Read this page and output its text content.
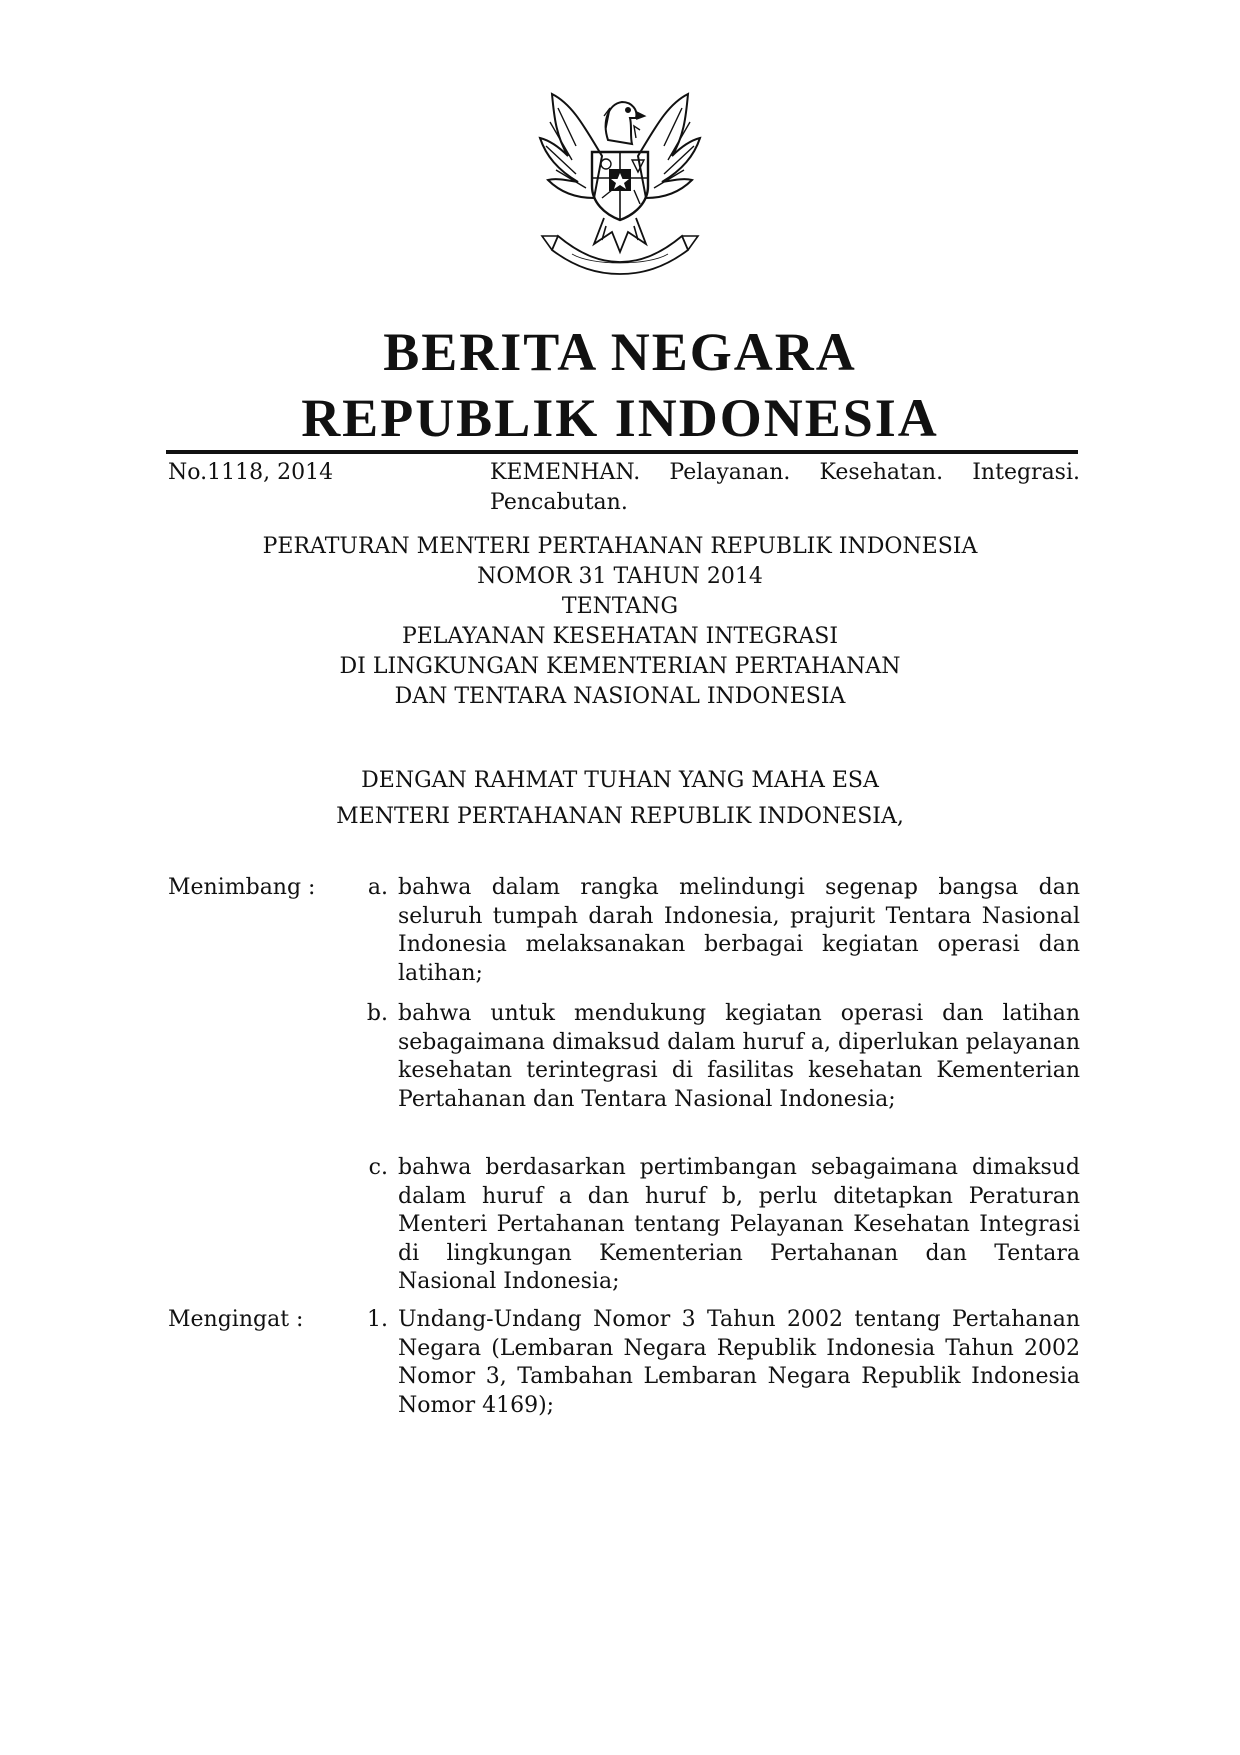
BERITA NEGARA
REPUBLIK INDONESIA
No.1118, 2014	KEMENHAN. Pelayanan. Kesehatan. Integrasi. Pencabutan.
PERATURAN MENTERI PERTAHANAN REPUBLIK INDONESIA
NOMOR 31 TAHUN 2014
TENTANG
PELAYANAN KESEHATAN INTEGRASI
DI LINGKUNGAN KEMENTERIAN PERTAHANAN
DAN TENTARA NASIONAL INDONESIA
DENGAN RAHMAT TUHAN YANG MAHA ESA
MENTERI PERTAHANAN REPUBLIK INDONESIA,
Menimbang :	a. bahwa dalam rangka melindungi segenap bangsa dan seluruh tumpah darah Indonesia, prajurit Tentara Nasional Indonesia melaksanakan berbagai kegiatan operasi dan latihan;

b. bahwa untuk mendukung kegiatan operasi dan latihan sebagaimana dimaksud dalam huruf a, diperlukan pelayanan kesehatan terintegrasi di fasilitas kesehatan Kementerian Pertahanan dan Tentara Nasional Indonesia;

c. bahwa berdasarkan pertimbangan sebagaimana dimaksud dalam huruf a dan huruf b, perlu ditetapkan Peraturan Menteri Pertahanan tentang Pelayanan Kesehatan Integrasi di lingkungan Kementerian Pertahanan dan Tentara Nasional Indonesia;

Mengingat :	1. Undang-Undang Nomor 3 Tahun 2002 tentang Pertahanan Negara (Lembaran Negara Republik Indonesia Tahun 2002 Nomor 3, Tambahan Lembaran Negara Republik Indonesia Nomor 4169);
